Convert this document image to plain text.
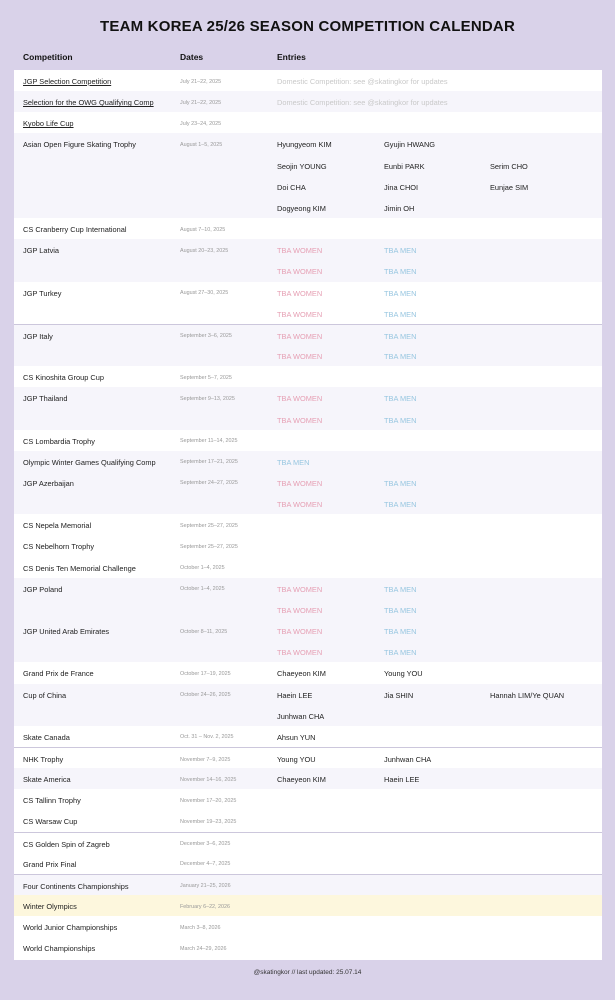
TEAM KOREA 25/26 SEASON COMPETITION CALENDAR
Competition	Dates	Entries
JGP Selection Competition	July 21–22, 2025	Domestic Competition: see @skatingkor for updates
Selection for the OWG Qualifying Comp	July 21–22, 2025	Domestic Competition: see @skatingkor for updates
Kyobo Life Cup	July 23–24, 2025
Asian Open Figure Skating Trophy	August 1–5, 2025	Hyungyeom KIM	Gyujin HWANG
Seojin YOUNG	Eunbi PARK	Serim CHO
Doi CHA	Jina CHOI	Eunjae SIM
Dogyeong KIM	Jimin OH
CS Cranberry Cup International	August 7–10, 2025
JGP Latvia	August 20–23, 2025	TBA WOMEN	TBA MEN
TBA WOMEN	TBA MEN
JGP Turkey	August 27–30, 2025	TBA WOMEN	TBA MEN
TBA WOMEN	TBA MEN
JGP Italy	September 3–6, 2025	TBA WOMEN	TBA MEN
TBA WOMEN	TBA MEN
CS Kinoshita Group Cup	September 5–7, 2025
JGP Thailand	September 9–13, 2025	TBA WOMEN	TBA MEN
TBA WOMEN	TBA MEN
CS Lombardia Trophy	September 11–14, 2025
Olympic Winter Games Qualifying Comp	September 17–21, 2025	TBA MEN
JGP Azerbaijan	September 24–27, 2025	TBA WOMEN	TBA MEN
TBA WOMEN	TBA MEN
CS Nepela Memorial	September 25–27, 2025
CS Nebelhorn Trophy	September 25–27, 2025
CS Denis Ten Memorial Challenge	October 1–4, 2025
JGP Poland	October 1–4, 2025	TBA WOMEN	TBA MEN
TBA WOMEN	TBA MEN
JGP United Arab Emirates	October 8–11, 2025	TBA WOMEN	TBA MEN
TBA WOMEN	TBA MEN
Grand Prix de France	October 17–19, 2025	Chaeyeon KIM	Young YOU
Cup of China	October 24–26, 2025	Haein LEE	Jia SHIN	Hannah LIM/Ye QUAN
Junhwan CHA
Skate Canada	Oct. 31 – Nov. 2, 2025	Ahsun YUN
NHK Trophy	November 7–9, 2025	Young YOU	Junhwan CHA
Skate America	November 14–16, 2025	Chaeyeon KIM	Haein LEE
CS Tallinn Trophy	November 17–20, 2025
CS Warsaw Cup	November 19–23, 2025
CS Golden Spin of Zagreb	December 3–6, 2025
Grand Prix Final	December 4–7, 2025
Four Continents Championships	January 21–25, 2026
Winter Olympics	February 6–22, 2026
World Junior Championships	March 3–8, 2026
World Championships	March 24–29, 2026
@skatingkor // last updated: 25.07.14
